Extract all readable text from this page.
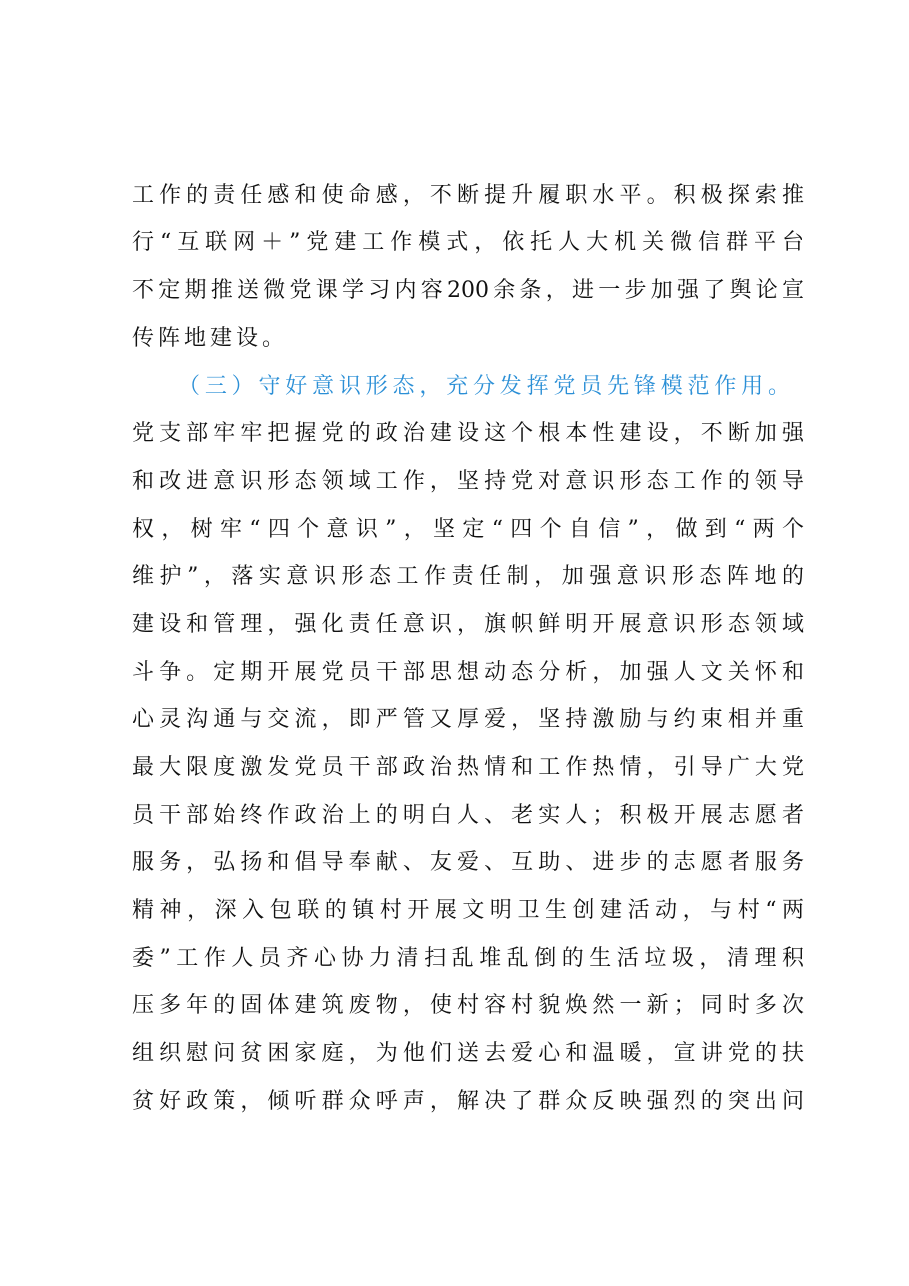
工作的责任感和使命感，不断提升履职水平。积极探索推
行“互联网＋”党建工作模式，依托人大机关微信群平台
不定期推送微党课学习内容200余条，进一步加强了舆论宣
传阵地建设。
（三）守好意识形态，充分发挥党员先锋模范作用。
党支部牢牢把握党的政治建设这个根本性建设，不断加强
和改进意识形态领域工作，坚持党对意识形态工作的领导
权，树牢“四个意识”，坚定“四个自信”，做到“两个
维护”，落实意识形态工作责任制，加强意识形态阵地的
建设和管理，强化责任意识，旗帜鲜明开展意识形态领域
斗争。定期开展党员干部思想动态分析，加强人文关怀和
心灵沟通与交流，即严管又厚爱，坚持激励与约束相并重
最大限度激发党员干部政治热情和工作热情，引导广大党
员干部始终作政治上的明白人、老实人；积极开展志愿者
服务，弘扬和倡导奉献、友爱、互助、进步的志愿者服务
精神，深入包联的镇村开展文明卫生创建活动，与村“两
委”工作人员齐心协力清扫乱堆乱倒的生活垃圾，清理积
压多年的固体建筑废物，使村容村貌焕然一新；同时多次
组织慰问贫困家庭，为他们送去爱心和温暖，宣讲党的扶
贫好政策，倾听群众呼声，解决了群众反映强烈的突出问
